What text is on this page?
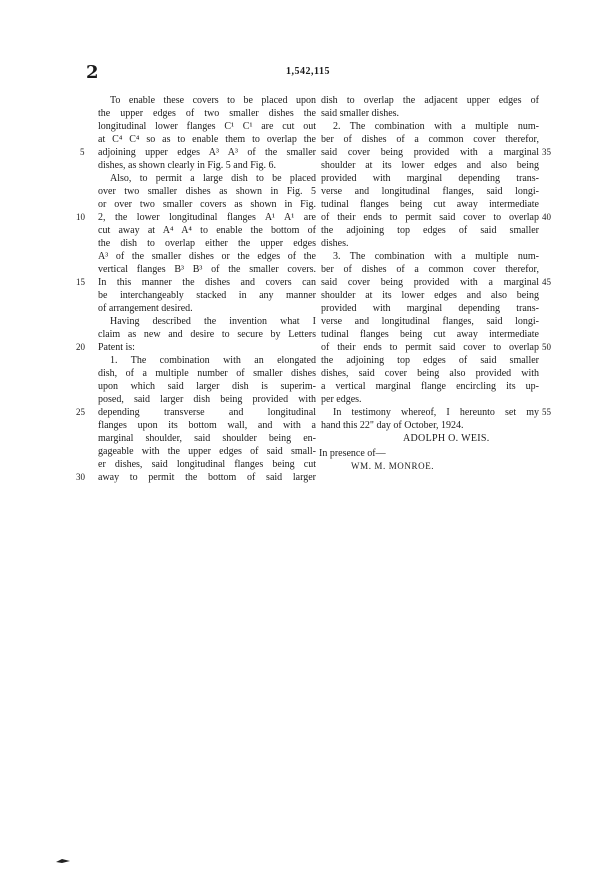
2	1,542,115
To enable these covers to be placed upon
the upper edges of two smaller dishes the
longitudinal lower flanges C¹ C¹ are cut out
at C⁴ C⁴ so as to enable them to overlap the
adjoining upper edges A³ A³ of the smaller
dishes, as shown clearly in Fig. 5 and Fig. 6.
Also, to permit a large dish to be placed
over two smaller dishes as shown in Fig. 5
or over two smaller covers as shown in Fig.
2, the lower longitudinal flanges A¹ A¹ are
cut away at A⁴ A⁴ to enable the bottom of
the dish to overlap either the upper edges
A³ of the smaller dishes or the edges of the
vertical flanges B³ B³ of the smaller covers.
In this manner the dishes and covers can
be interchangeably stacked in any manner
of arrangement desired.
Having described the invention what I
claim as new and desire to secure by Letters
Patent is:
1. The combination with an elongated
dish, of a multiple number of smaller dishes
upon which said larger dish is superim-
posed, said larger dish being provided with
depending transverse and longitudinal
flanges upon its bottom wall, and with a
marginal shoulder, said shoulder being en-
gageable with the upper edges of said small-
er dishes, said longitudinal flanges being cut
away to permit the bottom of said larger
dish to overlap the adjacent upper edges of
said smaller dishes.
2. The combination with a multiple num-
ber of dishes of a common cover therefor,
said cover being provided with a marginal
shoulder at its lower edges and also being
provided with marginal depending trans-
verse and longitudinal flanges, said longi-
tudinal flanges being cut away intermediate
of their ends to permit said cover to overlap
the adjoining top edges of said smaller
dishes.
3. The combination with a multiple num-
ber of dishes of a common cover therefor,
said cover being provided with a marginal
shoulder at its lower edges and also being
provided with marginal depending trans-
verse and longitudinal flanges, said longi-
tudinal flanges being cut away intermediate
of their ends to permit said cover to overlap
the adjoining top edges of said smaller
dishes, said cover being also provided with
a vertical marginal flange encircling its up-
per edges.
In testimony whereof, I hereunto set my
hand this 22" day of October, 1924.
ADOLPH O. WEIS.
In presence of—
WM. M. MONROE.
5
10
15
20
25
30
35
40
45
50
55
